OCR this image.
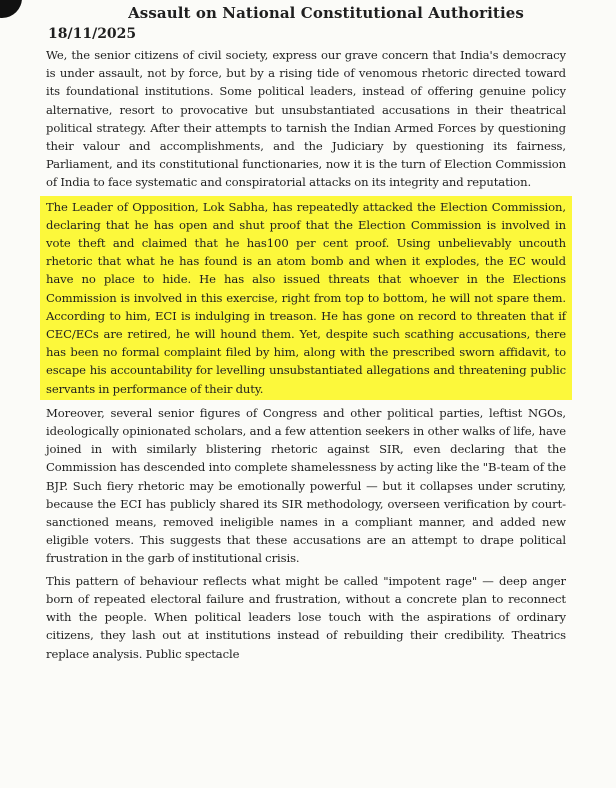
Assault on National Constitutional Authorities
18/11/2025

We, the senior citizens of civil society, express our grave concern that India's democracy is under assault, not by force, but by a rising tide of venomous rhetoric directed toward its foundational institutions. Some political leaders, instead of offering genuine policy alternative, resort to provocative but unsubstantiated accusations in their theatrical political strategy. After their attempts to tarnish the Indian Armed Forces by questioning their valour and accomplishments, and the Judiciary by questioning its fairness, Parliament, and its constitutional functionaries, now it is the turn of Election Commission of India to face systematic and conspiratorial attacks on its integrity and reputation.

The Leader of Opposition, Lok Sabha, has repeatedly attacked the Election Commission, declaring that he has open and shut proof that the Election Commission is involved in vote theft and claimed that he has100 per cent proof. Using unbelievably uncouth rhetoric that what he has found is an atom bomb and when it explodes, the EC would have no place to hide. He has also issued threats that whoever in the Elections Commission is involved in this exercise, right from top to bottom, he will not spare them. According to him, ECI is indulging in treason. He has gone on record to threaten that if CEC/ECs are retired, he will hound them. Yet, despite such scathing accusations, there has been no formal complaint filed by him, along with the prescribed sworn affidavit, to escape his accountability for levelling unsubstantiated allegations and threatening public servants in performance of their duty.

Moreover, several senior figures of Congress and other political parties, leftist NGOs, ideologically opinionated scholars, and a few attention seekers in other walks of life, have joined in with similarly blistering rhetoric against SIR, even declaring that the Commission has descended into complete shamelessness by acting like the "B-team of the BJP. Such fiery rhetoric may be emotionally powerful — but it collapses under scrutiny, because the ECI has publicly shared its SIR methodology, overseen verification by court-sanctioned means, removed ineligible names in a compliant manner, and added new eligible voters. This suggests that these accusations are an attempt to drape political frustration in the garb of institutional crisis.

This pattern of behaviour reflects what might be called "impotent rage" — deep anger born of repeated electoral failure and frustration, without a concrete plan to reconnect with the people. When political leaders lose touch with the aspirations of ordinary citizens, they lash out at institutions instead of rebuilding their credibility. Theatrics replace analysis. Public spectacle
